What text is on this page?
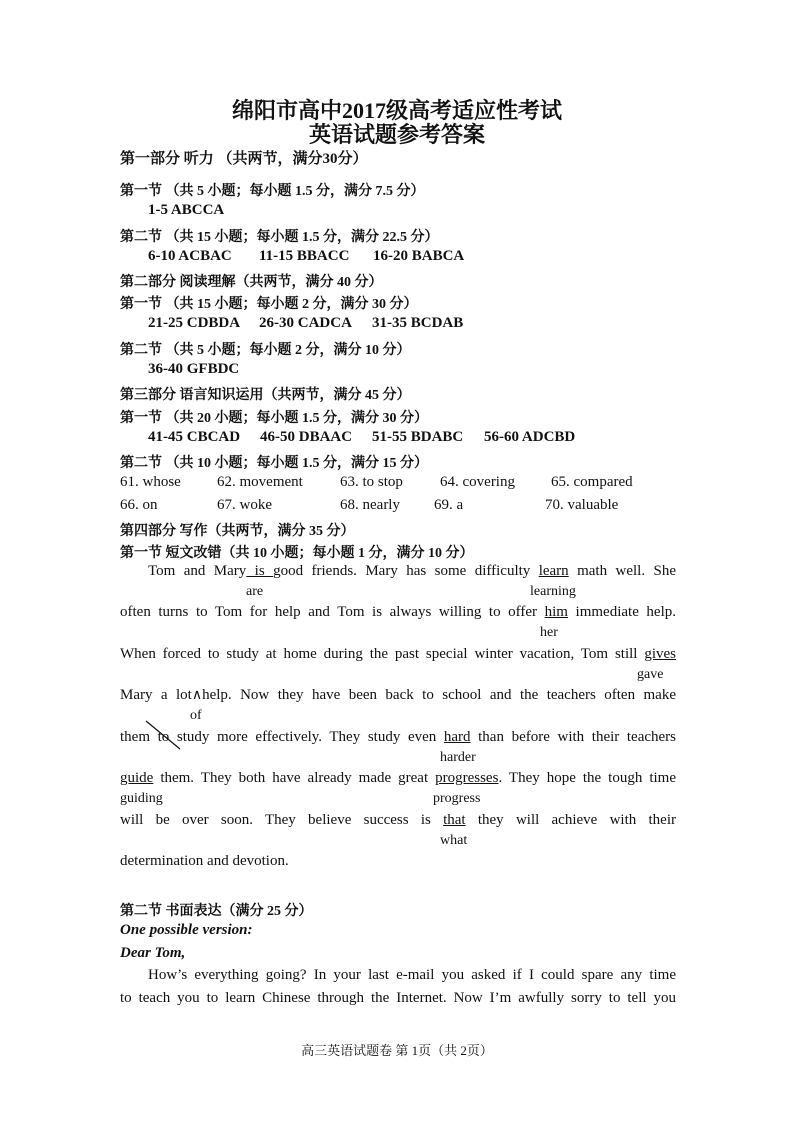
绵阳市高中2017级高考适应性考试
英语试题参考答案
第一部分 听力 （共两节，满分30分）
第一节 （共 5 小题；每小题 1.5 分，满分 7.5 分）
1-5 ABCCA
第二节 （共 15 小题；每小题 1.5 分，满分 22.5 分）
6-10 ACBAC 11-15 BBACC 16-20 BABCA
第二部分 阅读理解（共两节，满分 40 分）
第一节 （共 15 小题；每小题 2 分，满分 30 分）
21-25 CDBDA 26-30 CADCA 31-35 BCDAB
第二节 （共 5 小题；每小题 2 分，满分 10 分）
36-40 GFBDC
第三部分 语言知识运用（共两节，满分 45 分）
第一节 （共 20 小题；每小题 1.5 分，满分 30 分）
41-45 CBCAD 46-50 DBAAC 51-55 BDABC 56-60 ADCBD
第二节 （共 10 小题；每小题 1.5 分，满分 15 分）
61. whose 62. movement 63. to stop 64. covering 65. compared
66. on	67. woke	68. nearly 69. a	70. valuable
第四部分 写作（共两节，满分 35 分）
第一节 短文改错（共 10 小题；每小题 1 分，满分 10 分）
Tom and Mary is good friends. Mary has some difficulty learn math well. She
are	learning
often turns to Tom for help and Tom is always willing to offer him immediate help.
her
When forced to study at home during the past special winter vacation, Tom still gives
gave
Mary a lot∧help. Now they have been back to school and the teachers often make
of
them to study more effectively. They study even hard than before with their teachers
harder
guide them. They both have already made great progresses. They hope the tough time
guiding	progress
will be over soon. They believe success is that they will achieve with their
what
determination and devotion.
第二节 书面表达（满分 25 分）
One possible version:
Dear Tom,
How’s everything going? In your last e-mail you asked if I could spare any time
to teach you to learn Chinese through the Internet. Now I’m awfully sorry to tell you
高三英语试题卷 第 1页（共 2页）
